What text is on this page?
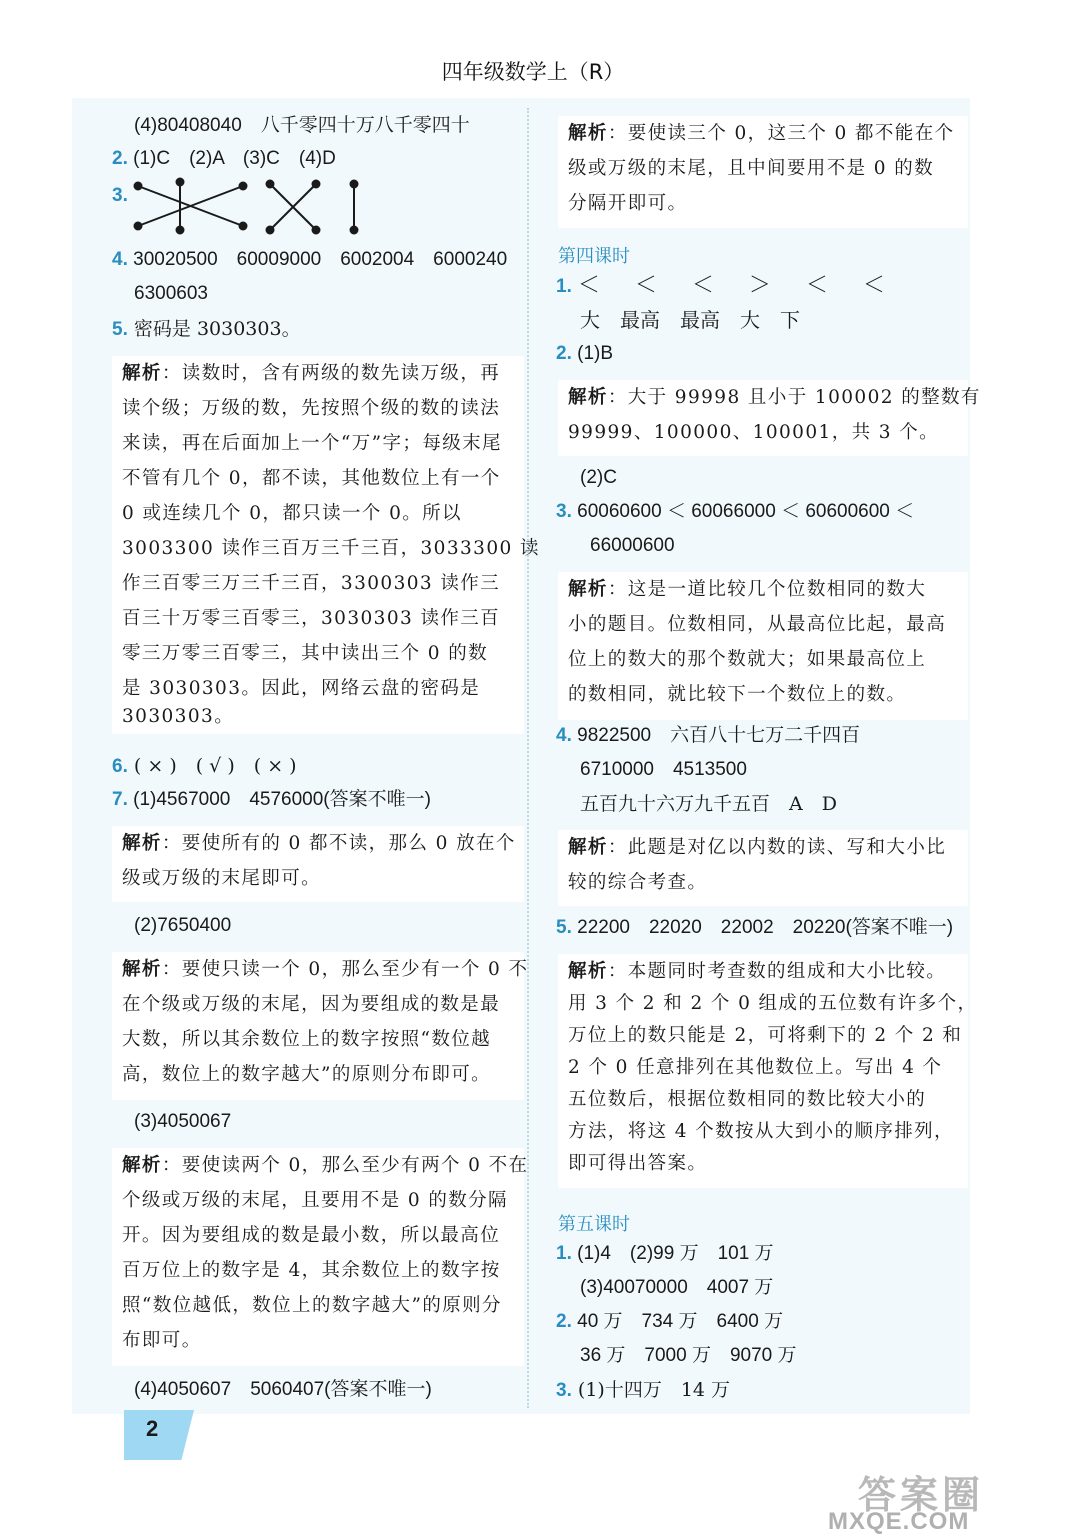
四年级数学上（R）
(4)80408040　八千零四十万八千零四十
2. (1)C　(2)A　(3)C　(4)D
3.
4. 30020500　60009000　6002004　6000240
6300603
5. 密码是 3030303。
解析：读数时，含有两级的数先读万级，再
读个级；万级的数，先按照个级的数的读法
来读，再在后面加上一个“万”字；每级末尾
不管有几个 0，都不读，其他数位上有一个
0 或连续几个 0，都只读一个 0。所以
3003300 读作三百万三千三百，3033300 读
作三百零三万三千三百，3300303 读作三
百三十万零三百零三，3030303 读作三百
零三万零三百零三，其中读出三个 0 的数
是 3030303。因此，网络云盘的密码是
3030303。
6. ( × )　( √ )　( × )
7. (1)4567000　4576000(答案不唯一)
解析：要使所有的 0 都不读，那么 0 放在个
级或万级的末尾即可。
(2)7650400
解析：要使只读一个 0，那么至少有一个 0 不
在个级或万级的末尾，因为要组成的数是最
大数，所以其余数位上的数字按照“数位越
高，数位上的数字越大”的原则分布即可。
(3)4050067
解析：要使读两个 0，那么至少有两个 0 不在
个级或万级的末尾，且要用不是 0 的数分隔
开。因为要组成的数是最小数，所以最高位
百万位上的数字是 4，其余数位上的数字按
照“数位越低，数位上的数字越大”的原则分
布即可。
(4)4050607　5060407(答案不唯一)
解析：要使读三个 0，这三个 0 都不能在个
级或万级的末尾，且中间要用不是 0 的数
分隔开即可。
第四课时
1. ＜ ＜ ＜ ＞ ＜ ＜
大　最高　最高　大　下
2. (1)B
解析：大于 99998 且小于 100002 的整数有
99999、100000、100001，共 3 个。
(2)C
3. 60060600 ＜ 60066000 ＜ 60600600 ＜
66000600
解析：这是一道比较几个位数相同的数大
小的题目。位数相同，从最高位比起，最高
位上的数大的那个数就大；如果最高位上
的数相同，就比较下一个数位上的数。
4. 9822500　六百八十七万二千四百
6710000　4513500
五百九十六万九千五百　A　D
解析：此题是对亿以内数的读、写和大小比
较的综合考查。
5. 22200　22020　22002　20220(答案不唯一)
解析：本题同时考查数的组成和大小比较。
用 3 个 2 和 2 个 0 组成的五位数有许多个，
万位上的数只能是 2，可将剩下的 2 个 2 和
2 个 0 任意排列在其他数位上。写出 4 个
五位数后，根据位数相同的数比较大小的
方法，将这 4 个数按从大到小的顺序排列，
即可得出答案。
第五课时
1. (1)4　(2)99 万　101 万
(3)40070000　4007 万
2. 40 万　734 万　6400 万
36 万　7000 万　9070 万
3. (1)十四万　14 万
2
答案圈
MXQE.COM
